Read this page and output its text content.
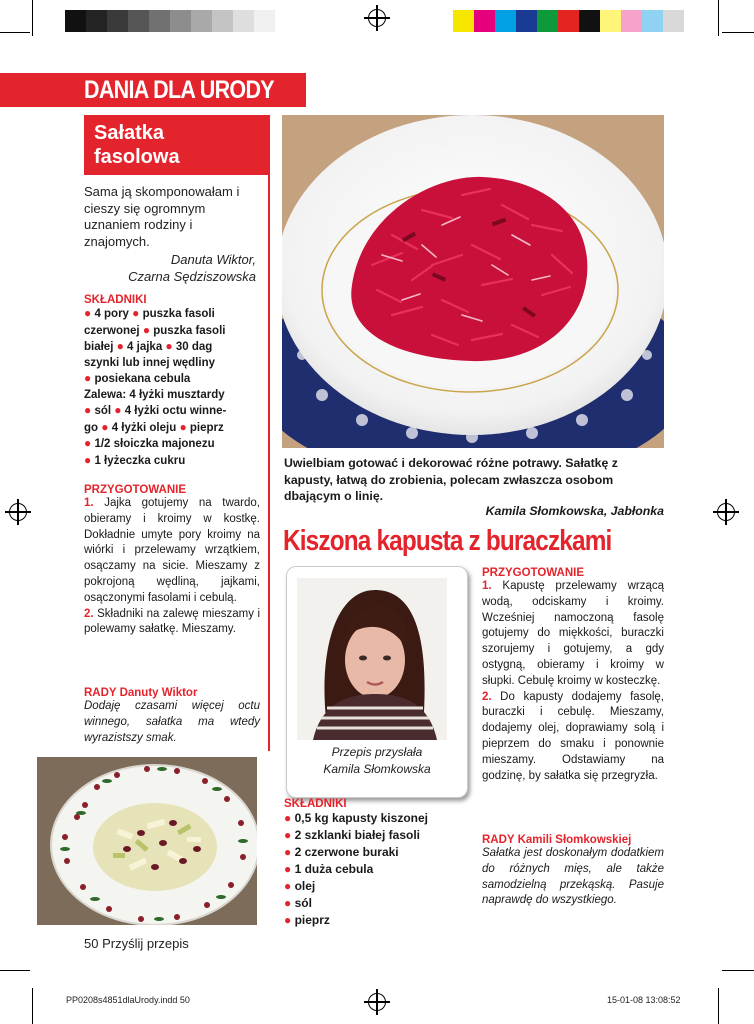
DANIA DLA URODY
Sałatka
fasolowa

Sama ją skomponowałam i cieszy się ogromnym uznaniem rodziny i znajomych.

Danuta Wiktor,
Czarna Sędziszowska
SKŁADNIKI
● 4 pory ● puszka fasoli
czerwonej ● puszka fasoli
białej ● 4 jajka ● 30 dag
szynki lub innej wędliny
● posiekana cebula
Zalewa: 4 łyżki musztardy
● sól ● 4 łyżki octu winne-
go ● 4 łyżki oleju ● pieprz
● 1/2 słoiczka majonezu
● 1 łyżeczka cukru
PRZYGOTOWANIE

1. Jajka gotujemy na twardo, obieramy i kroimy w kostkę. Dokładnie umyte pory kroimy na wiórki i przelewamy wrzątkiem, osączamy na sicie. Mieszamy z pokrojoną wędliną, jajkami, osączonymi fasolami i cebulą.

2. Składniki na zalewę mieszamy i polewamy sałatkę. Mieszamy.

RADY Danuty Wiktor

Dodaję czasami więcej octu winnego, sałatka ma wtedy wyrazistszy smak.

Uwielbiam gotować i dekorować różne potrawy. Sałatkę z kapusty, łatwą do zrobienia, polecam zwłaszcza osobom dbającym o linię.

Kamila Słomkowska, Jabłonka
Kiszona kapusta z buraczkami
Przepis przysłała
Kamila Słomkowska
SKŁADNIKI
● 0,5 kg kapusty kiszonej
● 2 szklanki białej fasoli
● 2 czerwone buraki
● 1 duża cebula
● olej
● sól
● pieprz
PRZYGOTOWANIE

1. Kapustę przelewamy wrzącą wodą, odciskamy i kroimy. Wcześniej namoczoną fasolę gotujemy do miękkości, buraczki szorujemy i gotujemy, a gdy ostygną, obieramy i kroimy w słupki. Cebulę kroimy w kosteczkę.

2. Do kapusty dodajemy fasolę, buraczki i cebulę. Mieszamy, dodajemy olej, doprawiamy solą i pieprzem do smaku i ponownie mieszamy. Odstawiamy na godzinę, by sałatka się przegryzła.

RADY Kamili Słomkowskiej

Sałatka jest doskonałym dodatkiem do różnych mięs, ale także samodzielną przekąską. Pasuje naprawdę do wszystkiego.

50 Przyślij przepis
PP0208s4851dlaUrody.indd 50	15-01-08 13:08:52
